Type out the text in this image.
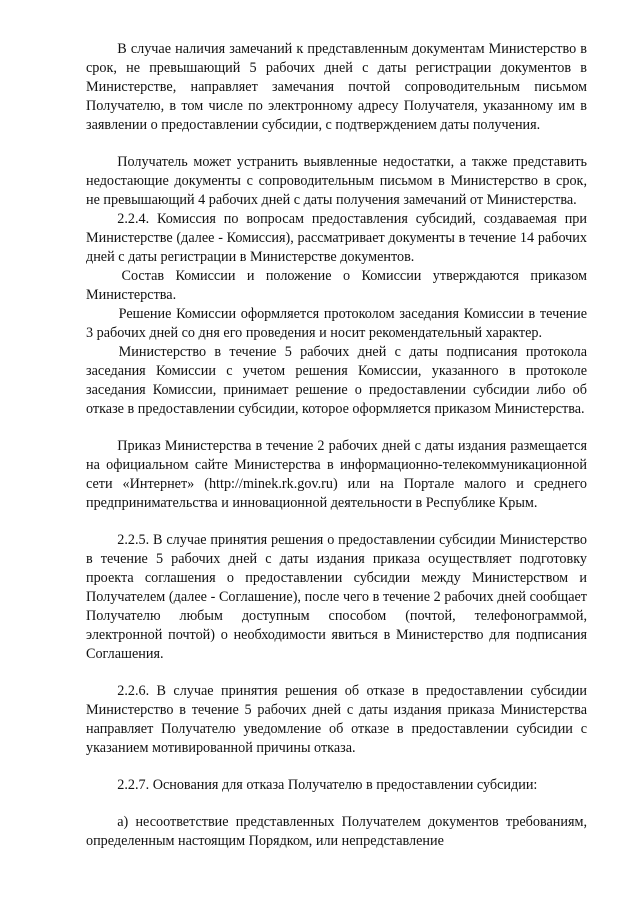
В случае наличия замечаний к представленным документам Министерство в срок, не превышающий 5 рабочих дней с даты регистрации документов в Министерстве, направляет замечания почтой сопроводительным письмом Получателю, в том числе по электронному адресу Получателя, указанному им в заявлении о предоставлении субсидии, с подтверждением даты получения.

Получатель может устранить выявленные недостатки, а также представить недостающие документы с сопроводительным письмом в Министерство в срок, не превышающий 4 рабочих дней с даты получения замечаний от Министерства.

2.2.4. Комиссия по вопросам предоставления субсидий, создаваемая при Министерстве (далее - Комиссия), рассматривает документы в течение 14 рабочих дней с даты регистрации в Министерстве документов.

Состав Комиссии и положение о Комиссии утверждаются приказом Министерства.

Решение Комиссии оформляется протоколом заседания Комиссии в течение 3 рабочих дней со дня его проведения и носит рекомендательный характер.

Министерство в течение 5 рабочих дней с даты подписания протокола заседания Комиссии с учетом решения Комиссии, указанного в протоколе заседания Комиссии, принимает решение о предоставлении субсидии либо об отказе в предоставлении субсидии, которое оформляется приказом Министерства.

Приказ Министерства в течение 2 рабочих дней с даты издания размещается на официальном сайте Министерства в информационно-телекоммуникационной сети «Интернет» (http://minek.rk.gov.ru) или на Портале малого и среднего предпринимательства и инновационной деятельности в Республике Крым.

2.2.5. В случае принятия решения о предоставлении субсидии Министерство в течение 5 рабочих дней с даты издания приказа осуществляет подготовку проекта соглашения о предоставлении субсидии между Министерством и Получателем (далее - Соглашение), после чего в течение 2 рабочих дней сообщает Получателю любым доступным способом (почтой, телефонограммой, электронной почтой) о необходимости явиться в Министерство для подписания Соглашения.

2.2.6. В случае принятия решения об отказе в предоставлении субсидии Министерство в течение 5 рабочих дней с даты издания приказа Министерства направляет Получателю уведомление об отказе в предоставлении субсидии с указанием мотивированной причины отказа.

2.2.7. Основания для отказа Получателю в предоставлении субсидии:

а) несоответствие представленных Получателем документов требованиям, определенным настоящим Порядком, или непредставление
